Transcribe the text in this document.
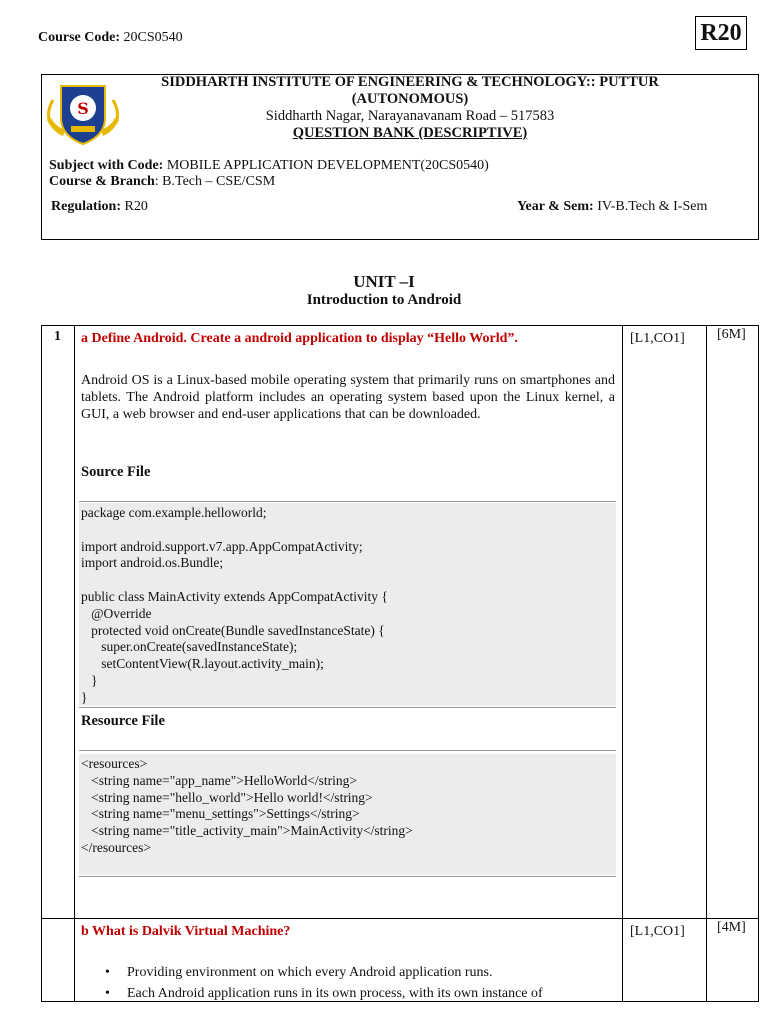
Course Code: 20CS0540	R20
S
SIDDHARTH INSTITUTE OF ENGINEERING & TECHNOLOGY:: PUTTUR
(AUTONOMOUS)
Siddharth Nagar, Narayanavanam Road – 517583
QUESTION BANK (DESCRIPTIVE)
Subject with Code: MOBILE APPLICATION DEVELOPMENT(20CS0540)
Course & Branch: B.Tech – CSE/CSM
Regulation: R20	Year & Sem: IV-B.Tech & I-Sem
UNIT –I
Introduction to Android
1 a Define Android. Create a android application to display “Hello World”.	[L1,CO1] [6M]
Android OS is a Linux-based mobile operating system that primarily runs on smartphones and tablets. The Android platform includes an operating system based upon the Linux kernel, a GUI, a web browser and end-user applications that can be downloaded.
Source File
package com.example.helloworld;

import android.support.v7.app.AppCompatActivity;
import android.os.Bundle;

public class MainActivity extends AppCompatActivity {
@Override
protected void onCreate(Bundle savedInstanceState) {
super.onCreate(savedInstanceState);
setContentView(R.layout.activity_main);
}
}
Resource File
<resources>
<string name="app_name">HelloWorld</string>
<string name="hello_world">Hello world!</string>
<string name="menu_settings">Settings</string>
<string name="title_activity_main">MainActivity</string>
</resources>
b What is Dalvik Virtual Machine?	[L1,CO1] [4M]
• Providing environment on which every Android application runs.
• Each Android application runs in its own process, with its own instance of
